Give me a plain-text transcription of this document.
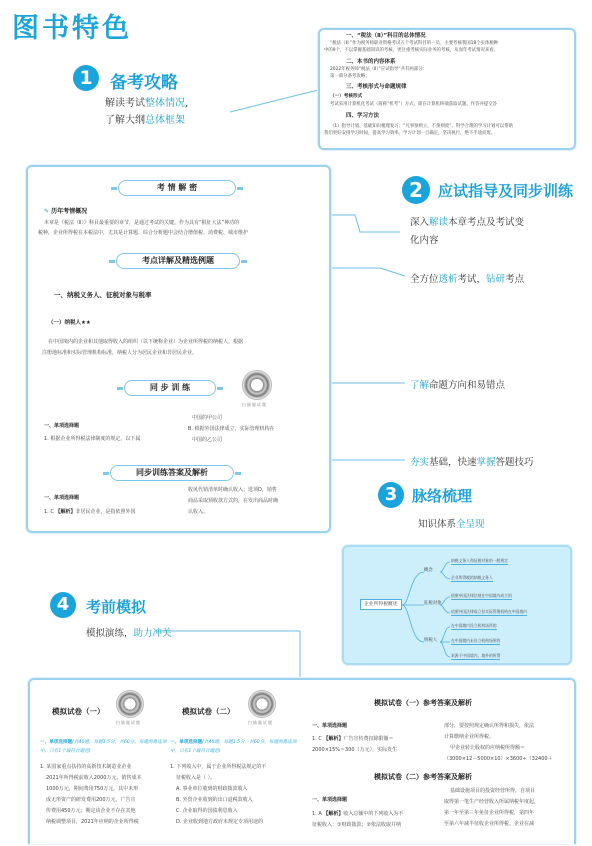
图书特色
1	备考攻略
解读考试整体情况,
了解大纲总体框架
一、“税法（Ⅱ）”科目的总体情况
“税法（Ⅱ）”作为税务师职业资格考试五个考试科目的一员，主要考核我国18个实体税种
中的9个，不以掌握基础知识的考核，更注重考核实际业务的考核，从而年考试情况来看。
二、本书的内容体系
2022年税务师“税法（Ⅱ）”应试指导“共有两部分：
第一部分备考攻略；
三、考核形式与命题规律
（一）考核形式
考试采用计算机化考试（简称“机考”）方式，即在计算机终端获取试题、作答并提交答
四、学习方法
（1）指导计划、基础知识梳理复习；“凡事预则立，不预则废”。科学合理的学习计划可以帮助
我们更好安排学习时间，提高学习效率。学习计划一旦确定，坚决执行，绝不半途而废。
考 情 解 密
✎ 历年考情概况
本章是《税法（Ⅱ）》科目最重要的章节，是通过考试的关键。作为具有“根征大法”神功的
税种，企业所得税在本税法中，尤其是计算题、综合分析题中会结合增值税、消费税、城市维护
考点详解及精选例题
一、纳税义务人、征税对象与税率
（一）纳税人★★
在中国境内的企业和其他取得收入的组织（以下统称企业）为企业所得税的纳税人。根据
注册地标准和实际管理机构标准，纳税人分为居民企业和非居民企业。
同 步 训 练
扫 描 做 试 题
一、单项选择题
1. 根据企业所得税法律制度的规定，以下属
中国的甲公司
B. 根据外国法律成立，实际管理机构在
中国的乙公司
同步训练答案及解析
一、单项选择题
1. C 【解析】非居民企业，是指依照外国
收风代销清单时确认收入；选项D，销售
商品采取预收款方式的，在发出商品时确
认收入。
2	应试指导及同步训练
深入解读本章考点及考试变
化内容
全方位透析考试，钻研考点
了解命题方向和易错点
夯实基础，快速掌握答题技巧
3 脉络梳理
知识体系全呈现
企业所得税概述
概念
征税对象
纳税人
纳税义务人和征税对象的一般规定
企业所得税的纳税义务人
依照中国法律法规在中国境内成立的
依照外国法律成立但实际管理机构在中国境内
在中国境内设立机构场所的
在中国境内未设立机构场所的
来源于中国境内、境外的所得
4	考前模拟
模拟演练，助力冲关
模拟试卷（一）
扫 描 做 试 题
一、单项选择题(共40题，每题1.5分，共60分。每题的备选项中，只有1个最符合题意)
1. 某国家重点扶持的高新技术制造业企业
2021年所得税前收入2000万元，销售成本
1000万元，期间费用750万元，其中未形
成无形资产的研发费用200万元，广告宣
传费用450万元；期定该企业不存在其他
纳税调整项目，2021年应纳的企业所得税
模拟试卷（二）
扫 描 做 试 题
一、单项选择题(共40题，每题1.5分，共60分。每题的备选项中，只有1个最符合题意)
1. 下列收入中，属于企业所得税法规定的不
征税收入是（ ）。
A. 事业单位收到的财政拨款收入
B. 外贸企业收到的出口退税款收入
C. 企业取得的国债利息收入
D. 企业收到地方政府未规定专项用途的
模拟试卷（一）参考答案及解析
一、单项选择题
1. C 【解析】广告宣传费扣除限额＝
2000×15%＝300（万元），实际发生
部分，要按照规定确认所得和损失，依法
计算缴纳企业所得税。
甲企业转让股权的应纳税所得额＝
（3000×12－5000×10）×3600÷（32400＋
模拟试卷（二）参考答案及解析
一、单项选择题
1. A 【解析】收入总额中的下列收入为不
征税收入：①财政拨款；②依法收取并纳
基础设施项目的投资经营所得，自项目
取得第一笔生产经营收入所属纳税年度起，
第一年至第三年免征企业所得税，第四年
至第六年减半征收企业所得税。企业在减
